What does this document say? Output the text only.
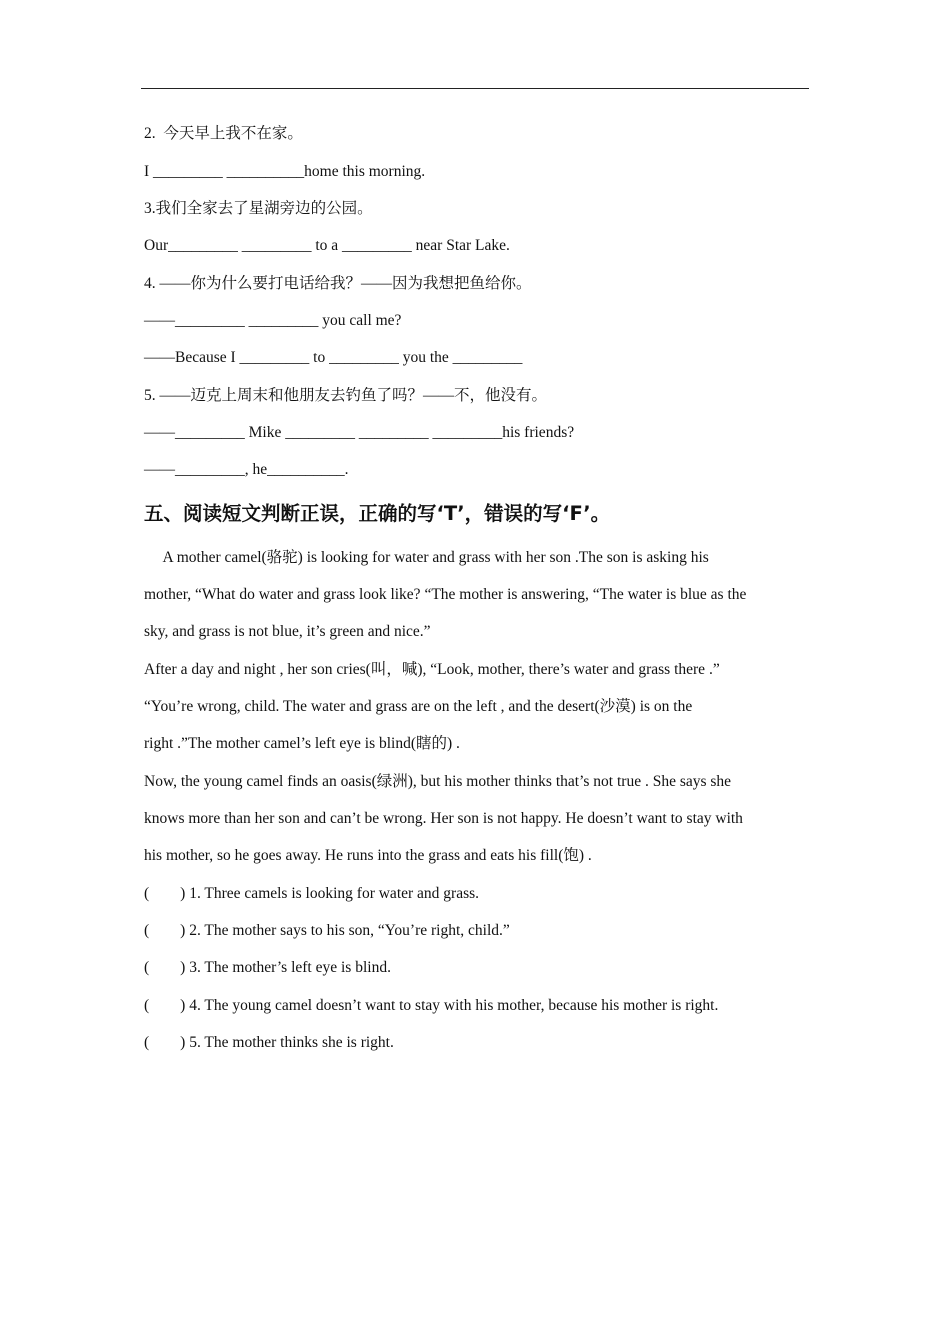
2.  今天早上我不在家。
I _________ __________home this morning.
3.我们全家去了星湖旁边的公园。
Our_________ _________ to a _________ near Star Lake.
4. ——你为什么要打电话给我？——因为我想把鱼给你。
——_________ _________ you call me?
——Because I _________ to _________ you the _________
5. ——迈克上周末和他朋友去钓鱼了吗？——不，他没有。
——_________ Mike _________ _________ _________his friends?
——_________, he__________.
五、阅读短文判断正误，正确的写‘T’，错误的写‘F’。
A mother camel(骆驼) is looking for water and grass with her son .The son is asking his
mother, “What do water and grass look like? “The mother is answering, “The water is blue as the
sky, and grass is not blue, it’s green and nice.”
After a day and night , her son cries(叫，喊), “Look, mother, there’s water and grass there .”
“You’re wrong, child. The water and grass are on the left , and the desert(沙漠) is on the
right .”The mother camel’s left eye is blind(瞎的) .
Now, the young camel finds an oasis(绿洲), but his mother thinks that’s not true . She says she
knows more than her son and can’t be wrong. Her son is not happy. He doesn’t want to stay with
his mother, so he goes away. He runs into the grass and eats his fill(饱) .
(        ) 1. Three camels is looking for water and grass.
(        ) 2. The mother says to his son, “You’re right, child.”
(        ) 3. The mother’s left eye is blind.
(        ) 4. The young camel doesn’t want to stay with his mother, because his mother is right.
(        ) 5. The mother thinks she is right.
